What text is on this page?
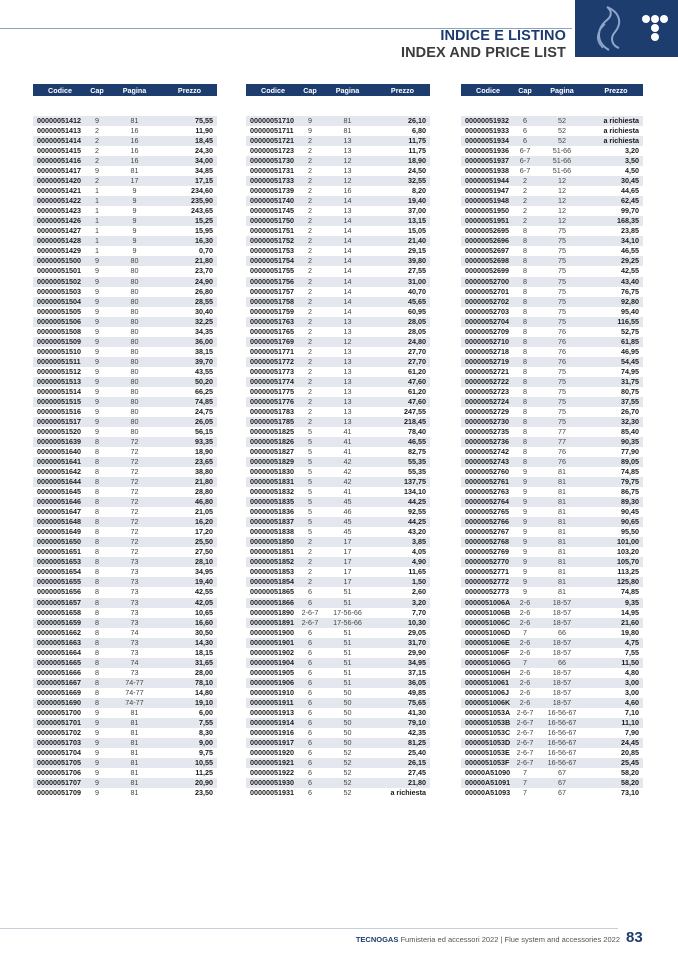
INDICE E LISTINO
INDEX AND PRICE LIST
Codice	Cap	Pagina	Prezzo

00000051412	9	81	75,55
00000051413	2	16	11,90
00000051414	2	16	18,45
00000051415	2	16	24,30
00000051416	2	16	34,00
00000051417	9	81	34,85
00000051420	2	17	17,15
00000051421	1	9	234,60
00000051422	1	9	235,90
00000051423	1	9	243,65
00000051426	1	9	15,25
00000051427	1	9	15,95
00000051428	1	9	16,30
00000051429	1	9	0,70
00000051500	9	80	21,80
00000051501	9	80	23,70
00000051502	9	80	24,90
00000051503	9	80	26,80
00000051504	9	80	28,55
00000051505	9	80	30,40
00000051506	9	80	32,25
00000051508	9	80	34,35
00000051509	9	80	36,00
00000051510	9	80	38,15
00000051511	9	80	39,70
00000051512	9	80	43,55
00000051513	9	80	50,20
00000051514	9	80	66,25
00000051515	9	80	74,85
00000051516	9	80	24,75
00000051517	9	80	26,05
00000051520	9	80	56,15
00000051639	8	72	93,35
00000051640	8	72	18,90
00000051641	8	72	23,65
00000051642	8	72	38,80
00000051644	8	72	21,80
00000051645	8	72	28,80
00000051646	8	72	46,80
00000051647	8	72	21,05
00000051648	8	72	16,20
00000051649	8	72	17,20
00000051650	8	72	25,50
00000051651	8	72	27,50
00000051653	8	73	28,10
00000051654	8	73	34,95
00000051655	8	73	19,40
00000051656	8	73	42,55
00000051657	8	73	42,05
00000051658	8	73	10,65
00000051659	8	73	16,60
00000051662	8	74	30,50
00000051663	8	73	14,30
00000051664	8	73	18,15
00000051665	8	74	31,65
00000051666	8	73	28,00
00000051667	8	74-77	78,10
00000051669	8	74-77	14,80
00000051690	8	74-77	19,10
00000051700	9	81	6,00
00000051701	9	81	7,55
00000051702	9	81	8,30
00000051703	9	81	9,00
00000051704	9	81	9,75
00000051705	9	81	10,55
00000051706	9	81	11,25
00000051707	9	81	20,90
00000051709	9	81	23,50
Codice	Cap	Pagina	Prezzo

00000051710	9	81	26,10
00000051711	9	81	6,80
00000051721	2	13	11,75
00000051723	2	13	11,75
00000051730	2	12	18,90
00000051731	2	13	24,50
00000051733	2	12	32,55
00000051739	2	16	8,20
00000051740	2	14	19,40
00000051745	2	13	37,00
00000051750	2	14	13,15
00000051751	2	14	15,05
00000051752	2	14	21,40
00000051753	2	14	29,15
00000051754	2	14	39,80
00000051755	2	14	27,55
00000051756	2	14	31,00
00000051757	2	14	40,70
00000051758	2	14	45,65
00000051759	2	14	60,95
00000051763	2	13	28,05
00000051765	2	13	28,05
00000051769	2	12	24,80
00000051771	2	13	27,70
00000051772	2	13	27,70
00000051773	2	13	61,20
00000051774	2	13	47,60
00000051775	2	13	61,20
00000051776	2	13	47,60
00000051783	2	13	247,55
00000051785	2	13	218,45
00000051825	5	41	78,40
00000051826	5	41	46,55
00000051827	5	41	82,75
00000051829	5	42	55,35
00000051830	5	42	55,35
00000051831	5	42	137,75
00000051832	5	41	134,10
00000051835	5	45	44,25
00000051836	5	46	92,55
00000051837	5	45	44,25
00000051838	5	45	43,20
00000051850	2	17	3,85
00000051851	2	17	4,05
00000051852	2	17	4,90
00000051853	2	17	11,65
00000051854	2	17	1,50
00000051865	6	51	2,60
00000051866	6	51	3,20
00000051890	2-6-7	17-56-66	7,70
00000051891	2-6-7	17-56-66	10,30
00000051900	6	51	29,05
00000051901	6	51	31,70
00000051902	6	51	29,90
00000051904	6	51	34,95
00000051905	6	51	37,15
00000051906	6	51	36,05
00000051910	6	50	49,85
00000051911	6	50	75,65
00000051913	6	50	41,30
00000051914	6	50	79,10
00000051916	6	50	42,35
00000051917	6	50	81,25
00000051920	6	52	25,40
00000051921	6	52	26,15
00000051922	6	52	27,45
00000051930	6	52	21,80
00000051931	6	52	a richiesta
Codice	Cap	Pagina	Prezzo

00000051932	6	52	a richiesta
00000051933	6	52	a richiesta
00000051934	6	52	a richiesta
00000051936	6-7	51-66	3,20
00000051937	6-7	51-66	3,50
00000051938	6-7	51-66	4,50
00000051944	2	12	30,45
00000051947	2	12	44,65
00000051948	2	12	62,45
00000051950	2	12	99,70
00000051951	2	12	168,35
00000052695	8	75	23,85
00000052696	8	75	34,10
00000052697	8	75	46,55
00000052698	8	75	29,25
00000052699	8	75	42,55
00000052700	8	75	43,40
00000052701	8	75	76,75
00000052702	8	75	92,80
00000052703	8	75	95,40
00000052704	8	75	116,55
00000052709	8	76	52,75
00000052710	8	76	61,85
00000052718	8	76	46,95
00000052719	8	76	54,45
00000052721	8	75	74,95
00000052722	8	75	31,75
00000052723	8	75	80,75
00000052724	8	75	37,55
00000052729	8	75	26,70
00000052730	8	75	32,30
00000052735	8	77	85,40
00000052736	8	77	90,35
00000052742	8	76	77,90
00000052743	8	76	89,05
00000052760	9	81	74,85
00000052761	9	81	79,75
00000052763	9	81	86,75
00000052764	9	81	89,30
00000052765	9	81	90,45
00000052766	9	81	90,65
00000052767	9	81	95,50
00000052768	9	81	101,00
00000052769	9	81	103,20
00000052770	9	81	105,70
00000052771	9	81	113,25
00000052772	9	81	125,80
00000052773	9	81	74,85
0000051006A	2-6	18-57	9,35
0000051006B	2-6	18-57	14,95
0000051006C	2-6	18-57	21,60
0000051006D	7	66	19,80
0000051006E	2-6	18-57	4,75
0000051006F	2-6	18-57	7,55
0000051006G	7	66	11,50
0000051006H	2-6	18-57	4,80
00000510061	2-6	18-57	3,00
0000051006J	2-6	18-57	3,00
0000051006K	2-6	18-57	4,60
0000051053A	2-6-7	16-56-67	7,10
0000051053B	2-6-7	16-56-67	11,10
0000051053C	2-6-7	16-56-67	7,90
0000051053D	2-6-7	16-56-67	24,45
0000051053E	2-6-7	16-56-67	20,85
0000051053F	2-6-7	16-56-67	25,45
00000A51090	7	67	58,20
00000A51091	7	67	58,20
00000A51093	7	67	73,10
TECNOGAS Fumisteria ed accessori 2022 | Flue system and accessories 2022 83
